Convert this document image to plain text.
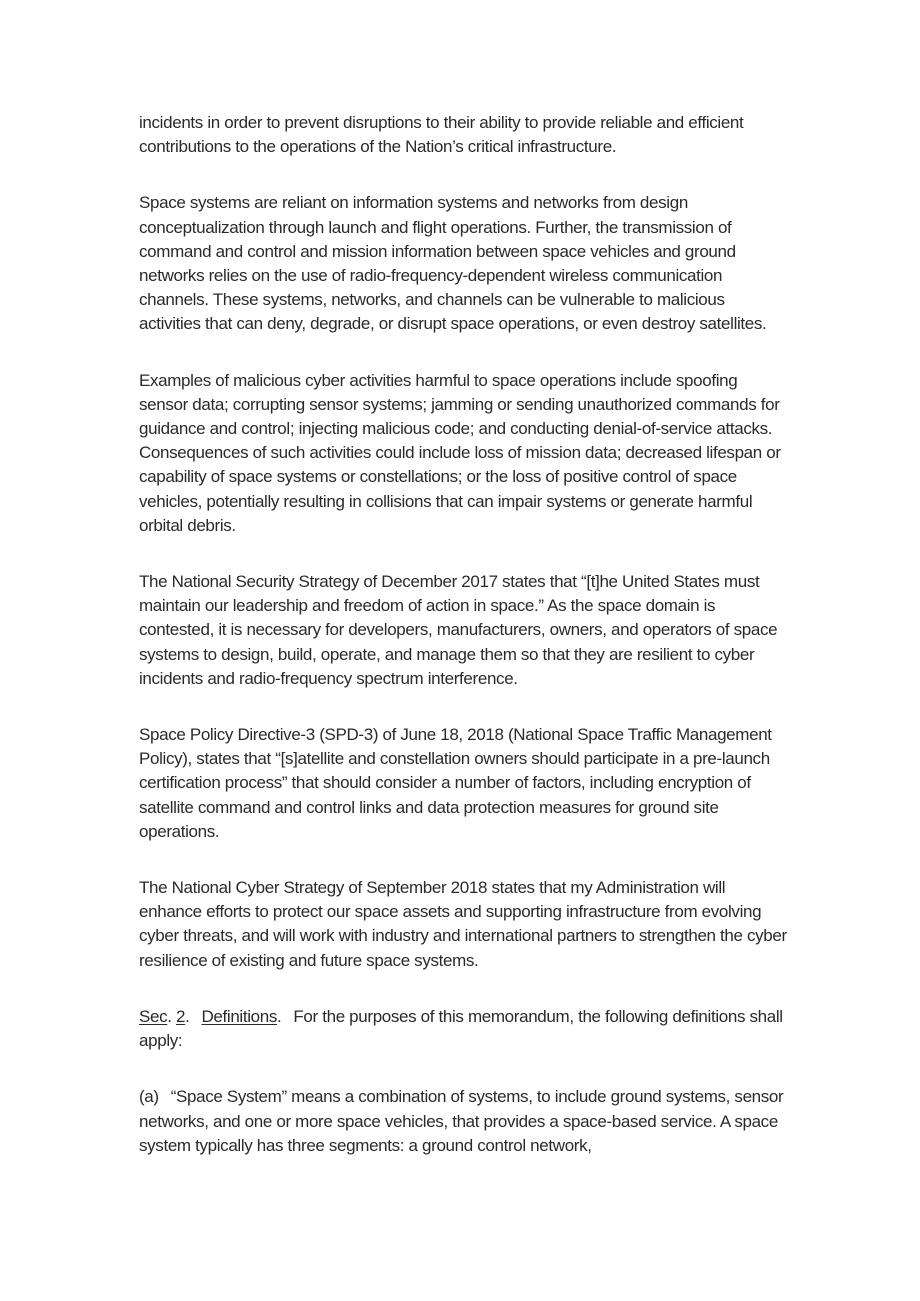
incidents in order to prevent disruptions to their ability to provide reliable and efficient contributions to the operations of the Nation’s critical infrastructure.

Space systems are reliant on information systems and networks from design conceptualization through launch and flight operations. Further, the transmission of command and control and mission information between space vehicles and ground networks relies on the use of radio-frequency-dependent wireless communication channels. These systems, networks, and channels can be vulnerable to malicious activities that can deny, degrade, or disrupt space operations, or even destroy satellites.

Examples of malicious cyber activities harmful to space operations include spoofing sensor data; corrupting sensor systems; jamming or sending unauthorized commands for guidance and control; injecting malicious code; and conducting denial-of-service attacks. Consequences of such activities could include loss of mission data; decreased lifespan or capability of space systems or constellations; or the loss of positive control of space vehicles, potentially resulting in collisions that can impair systems or generate harmful orbital debris.

The National Security Strategy of December 2017 states that “[t]he United States must maintain our leadership and freedom of action in space.” As the space domain is contested, it is necessary for developers, manufacturers, owners, and operators of space systems to design, build, operate, and manage them so that they are resilient to cyber incidents and radio-frequency spectrum interference.

Space Policy Directive-3 (SPD-3) of June 18, 2018 (National Space Traffic Management Policy), states that “[s]atellite and constellation owners should participate in a pre-launch certification process” that should consider a number of factors, including encryption of satellite command and control links and data protection measures for ground site operations.

The National Cyber Strategy of September 2018 states that my Administration will enhance efforts to protect our space assets and supporting infrastructure from evolving cyber threats, and will work with industry and international partners to strengthen the cyber resilience of existing and future space systems.

Sec. 2. Definitions. For the purposes of this memorandum, the following definitions shall apply:

(a) “Space System” means a combination of systems, to include ground systems, sensor networks, and one or more space vehicles, that provides a space-based service. A space system typically has three segments: a ground control network,
